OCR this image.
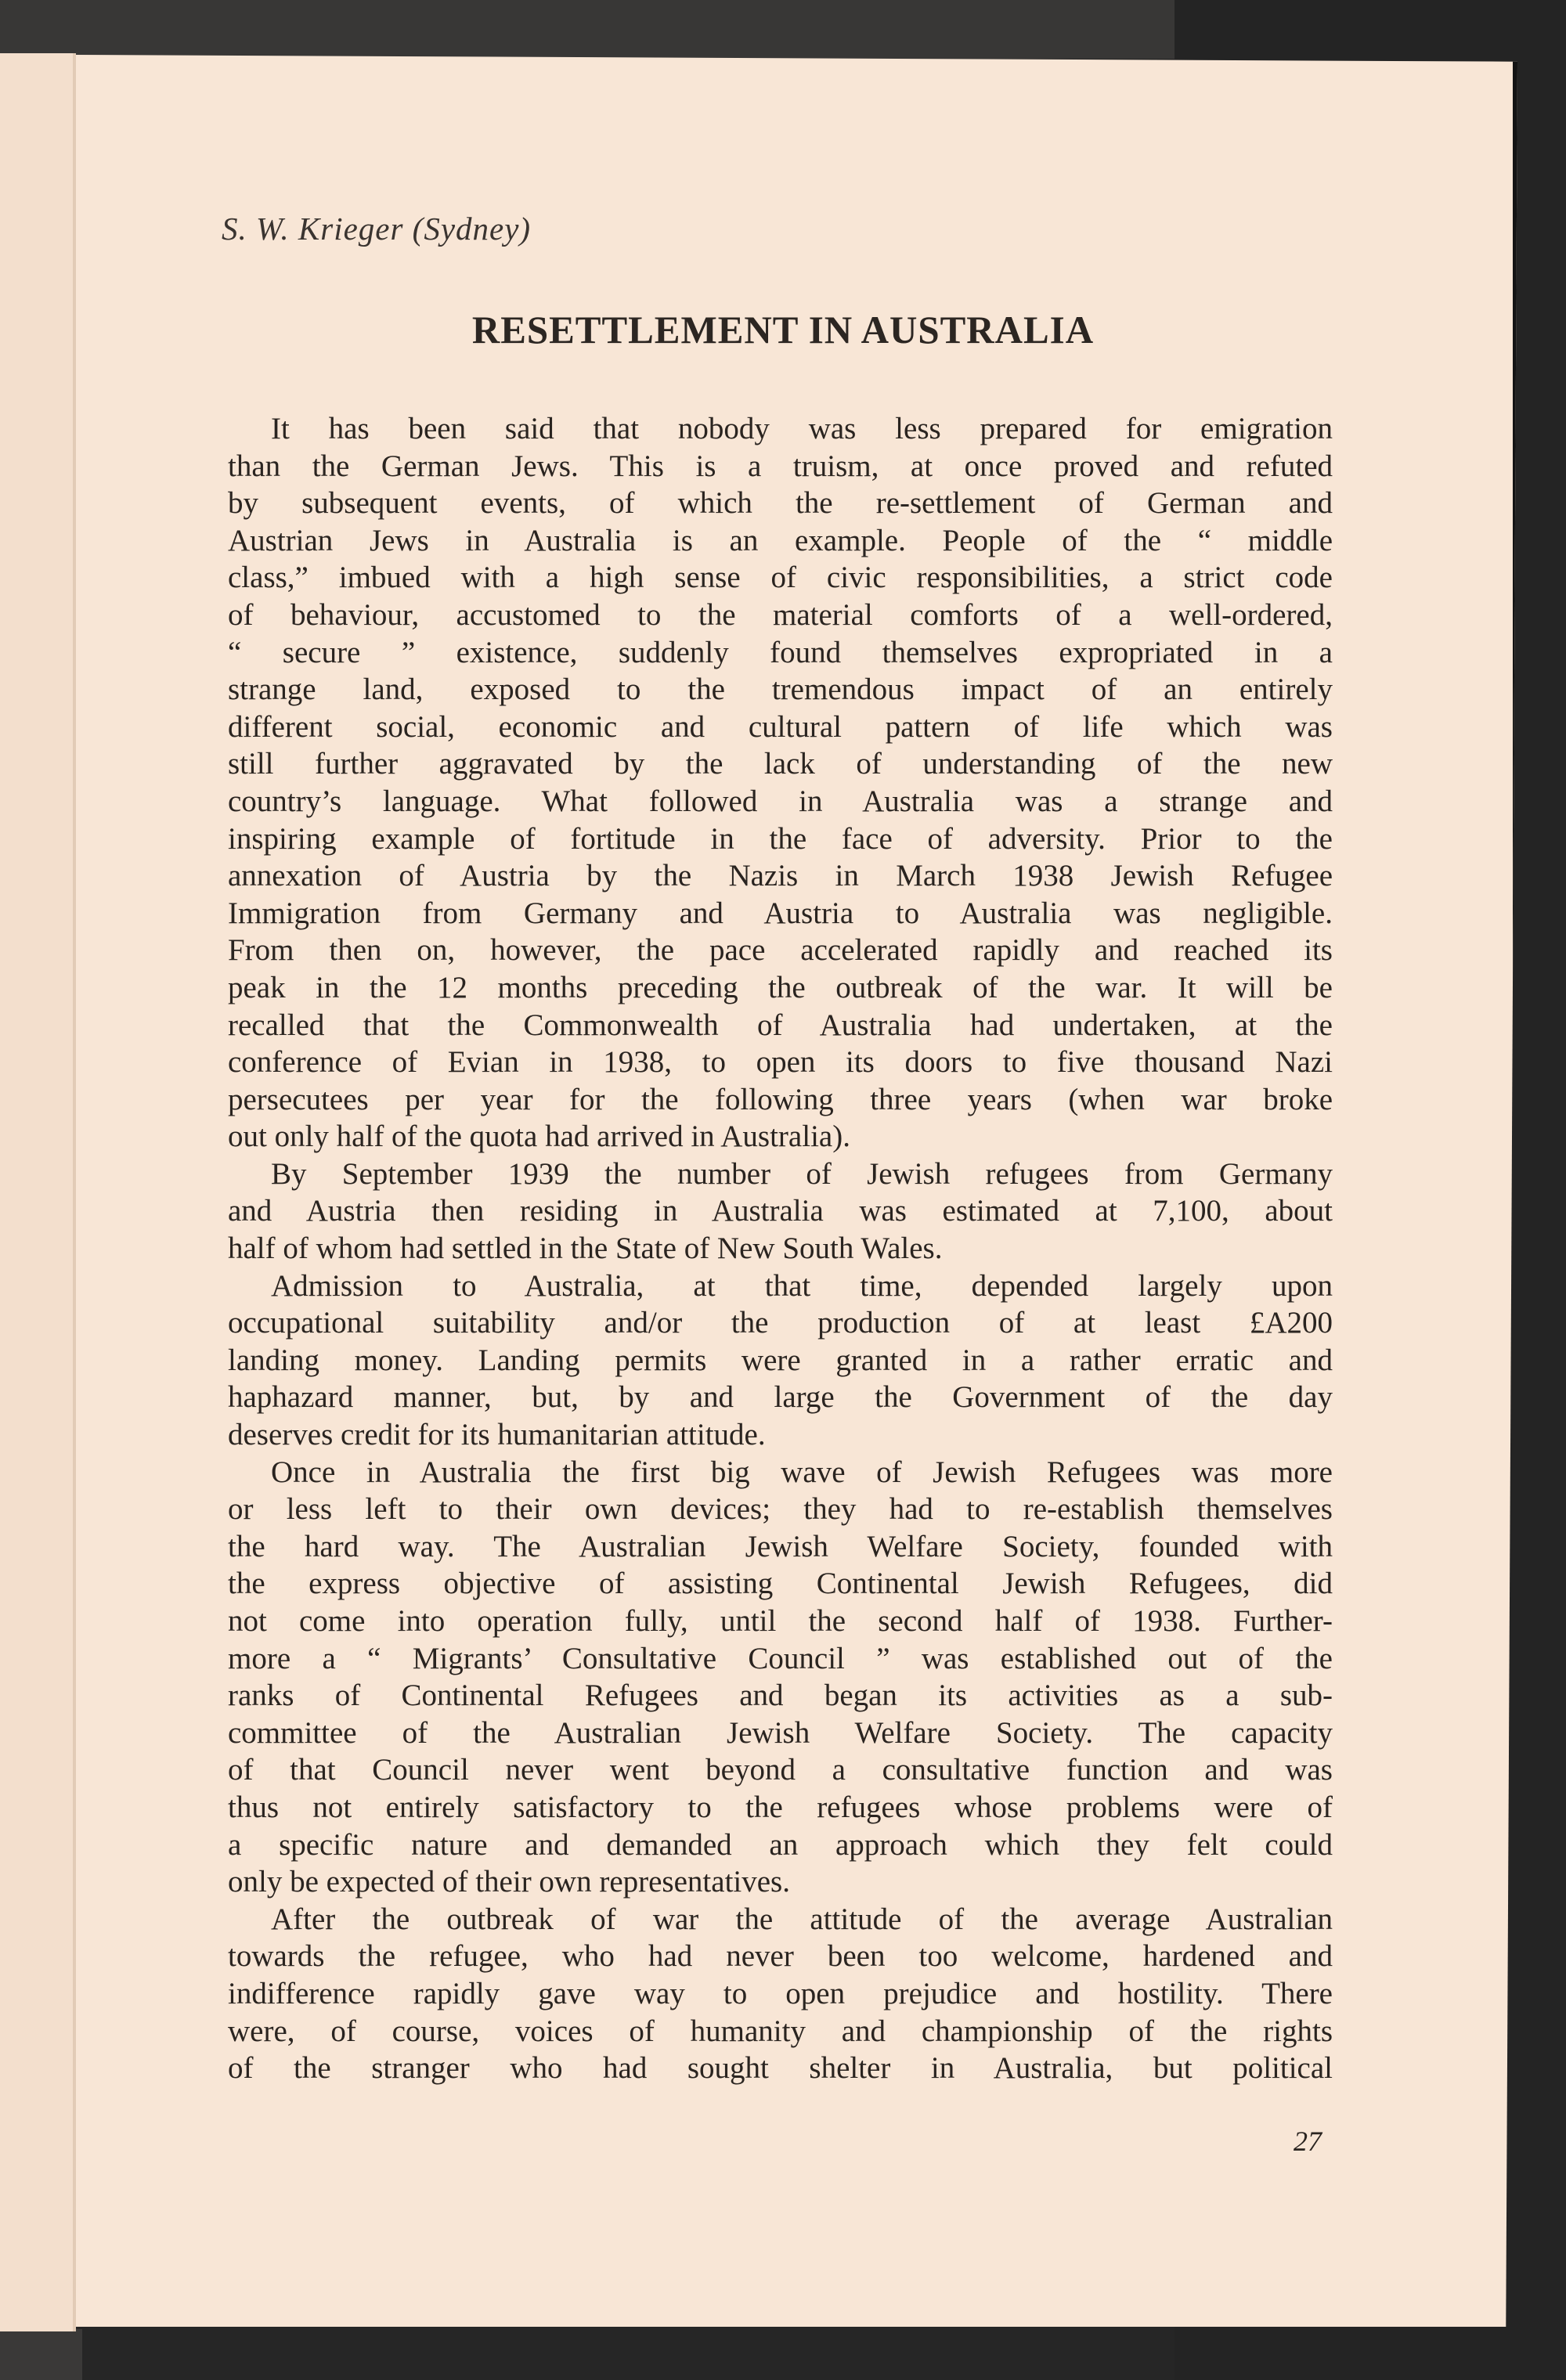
S. W. Krieger (Sydney)
RESETTLEMENT IN AUSTRALIA
It has been said that nobody was less prepared for emigration
than the German Jews. This is a truism, at once proved and refuted
by subsequent events, of which the re-settlement of German and
Austrian Jews in Australia is an example. People of the “ middle
class,” imbued with a high sense of civic responsibilities, a strict code
of behaviour, accustomed to the material comforts of a well-ordered,
“ secure ” existence, suddenly found themselves expropriated in a
strange land, exposed to the tremendous impact of an entirely
different social, economic and cultural pattern of life which was
still further aggravated by the lack of understanding of the new
country’s language. What followed in Australia was a strange and
inspiring example of fortitude in the face of adversity. Prior to the
annexation of Austria by the Nazis in March 1938 Jewish Refugee
Immigration from Germany and Austria to Australia was negligible.
From then on, however, the pace accelerated rapidly and reached its
peak in the 12 months preceding the outbreak of the war. It will be
recalled that the Commonwealth of Australia had undertaken, at the
conference of Evian in 1938, to open its doors to five thousand Nazi
persecutees per year for the following three years (when war broke
out only half of the quota had arrived in Australia).
By September 1939 the number of Jewish refugees from Germany
and Austria then residing in Australia was estimated at 7,100, about
half of whom had settled in the State of New South Wales.
Admission to Australia, at that time, depended largely upon
occupational suitability and/or the production of at least £A200
landing money. Landing permits were granted in a rather erratic and
haphazard manner, but, by and large the Government of the day
deserves credit for its humanitarian attitude.
Once in Australia the first big wave of Jewish Refugees was more
or less left to their own devices; they had to re-establish themselves
the hard way. The Australian Jewish Welfare Society, founded with
the express objective of assisting Continental Jewish Refugees, did
not come into operation fully, until the second half of 1938. Further-
more a “ Migrants’ Consultative Council ” was established out of the
ranks of Continental Refugees and began its activities as a sub-
committee of the Australian Jewish Welfare Society. The capacity
of that Council never went beyond a consultative function and was
thus not entirely satisfactory to the refugees whose problems were of
a specific nature and demanded an approach which they felt could
only be expected of their own representatives.
After the outbreak of war the attitude of the average Australian
towards the refugee, who had never been too welcome, hardened and
indifference rapidly gave way to open prejudice and hostility. There
were, of course, voices of humanity and championship of the rights
of the stranger who had sought shelter in Australia, but political
27
